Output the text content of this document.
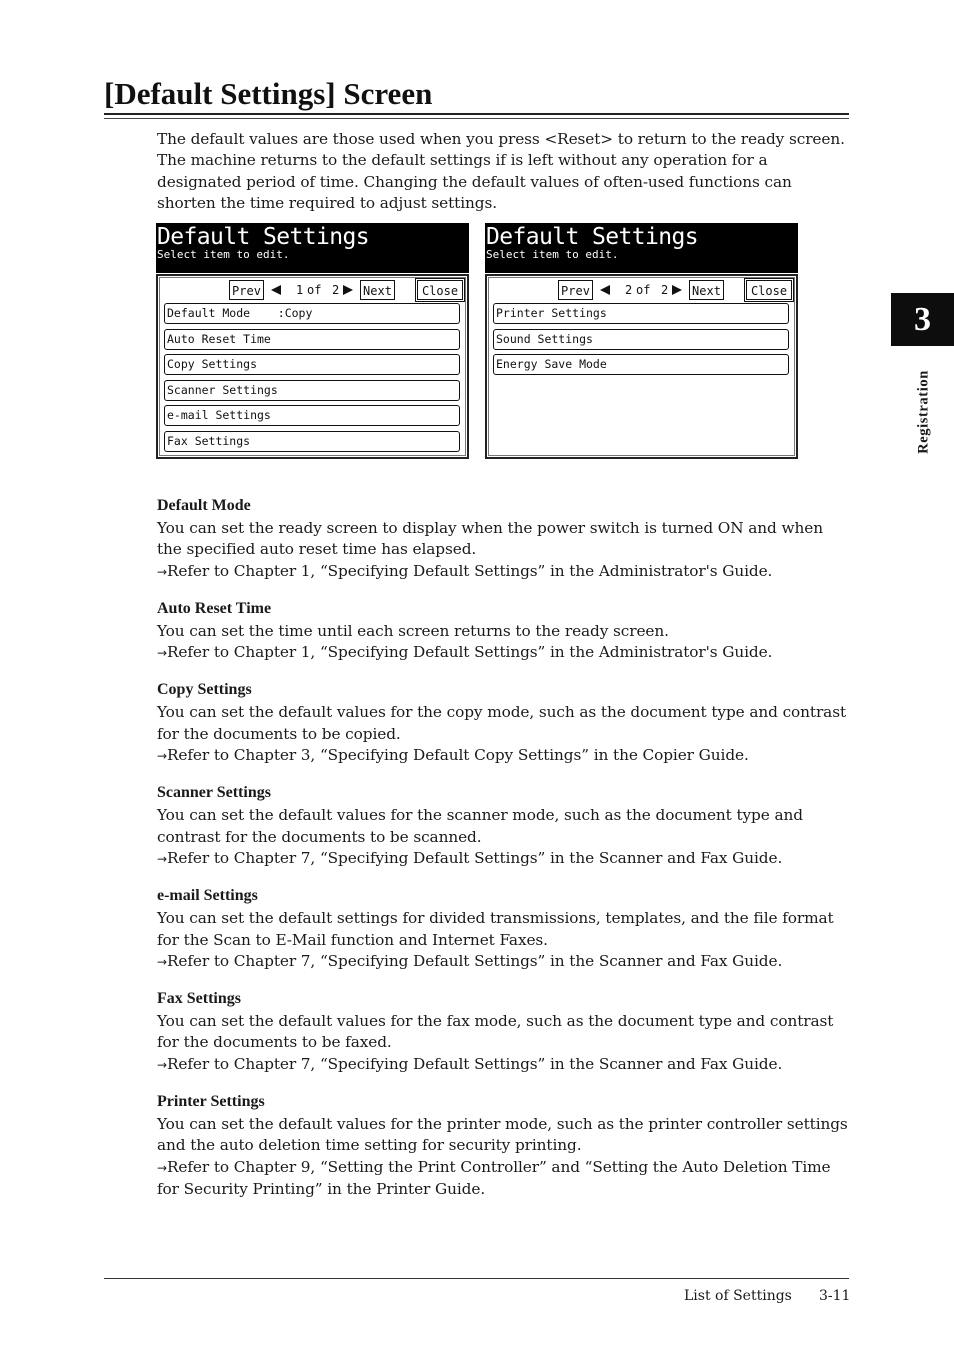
[Default Settings] Screen

The default values are those used when you press <Reset> to return to the ready screen. The machine returns to the default settings if is left without any operation for a designated period of time. Changing the default values of often-used functions can shorten the time required to adjust settings.

Default Settings
Select item to edit.
Prev	1 of 2 Next	Close
Default Mode    :Copy
Auto Reset Time
Copy Settings
Scanner Settings
e-mail Settings
Fax Settings
Default Settings
Select item to edit.
Prev	2 of 2 Next	Close
Printer Settings
Sound Settings
Energy Save Mode
Default Mode

You can set the ready screen to display when the power switch is turned ON and when the specified auto reset time has elapsed.

→Refer to Chapter 1, “Specifying Default Settings” in the Administrator's Guide.

Auto Reset Time

You can set the time until each screen returns to the ready screen.

→Refer to Chapter 1, “Specifying Default Settings” in the Administrator's Guide.

Copy Settings

You can set the default values for the copy mode, such as the document type and contrast for the documents to be copied.

→Refer to Chapter 3, “Specifying Default Copy Settings” in the Copier Guide.

Scanner Settings

You can set the default values for the scanner mode, such as the document type and contrast for the documents to be scanned.

→Refer to Chapter 7, “Specifying Default Settings” in the Scanner and Fax Guide.

e-mail Settings

You can set the default settings for divided transmissions, templates, and the file format for the Scan to E-Mail function and Internet Faxes.

→Refer to Chapter 7, “Specifying Default Settings” in the Scanner and Fax Guide.

Fax Settings

You can set the default values for the fax mode, such as the document type and contrast for the documents to be faxed.

→Refer to Chapter 7, “Specifying Default Settings” in the Scanner and Fax Guide.

Printer Settings

You can set the default values for the printer mode, such as the printer controller settings and the auto deletion time setting for security printing.

→Refer to Chapter 9, “Setting the Print Controller” and “Setting the Auto Deletion Time for Security Printing” in the Printer Guide.

3
Registration
List of Settings 3-11
